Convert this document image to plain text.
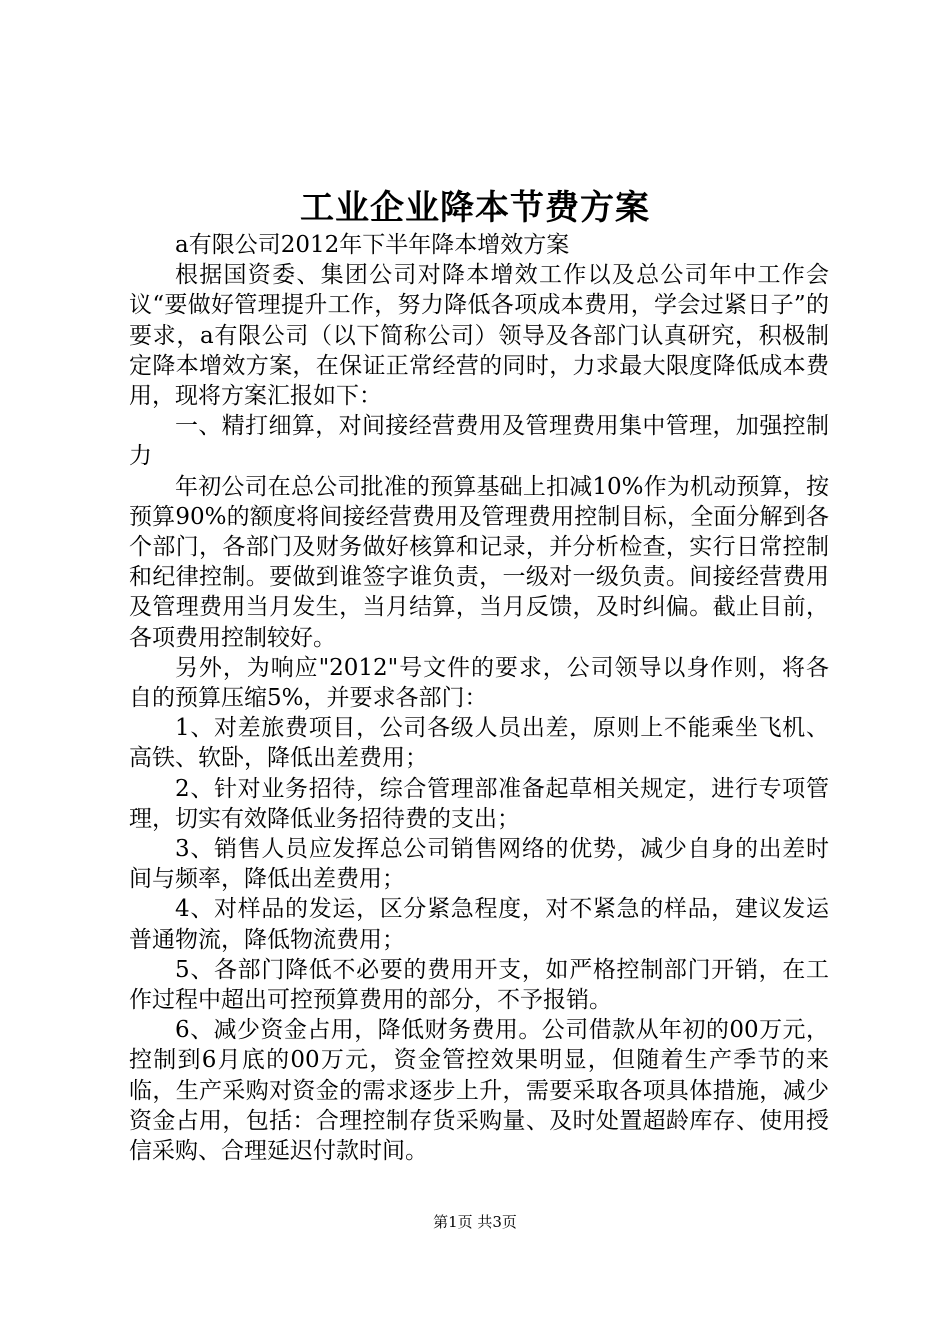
工业企业降本节费方案

a有限公司2012年下半年降本增效方案

根据国资委、集团公司对降本增效工作以及总公司年中工作会议“要做好管理提升工作，努力降低各项成本费用，学会过紧日子”的要求，a有限公司（以下简称公司）领导及各部门认真研究，积极制定降本增效方案，在保证正常经营的同时，力求最大限度降低成本费用，现将方案汇报如下：

一、精打细算，对间接经营费用及管理费用集中管理，加强控制力

年初公司在总公司批准的预算基础上扣减10%作为机动预算，按预算90%的额度将间接经营费用及管理费用控制目标，全面分解到各个部门，各部门及财务做好核算和记录，并分析检查，实行日常控制和纪律控制。要做到谁签字谁负责，一级对一级负责。间接经营费用及管理费用当月发生，当月结算，当月反馈，及时纠偏。截止目前，各项费用控制较好。

另外，为响应"2012"号文件的要求，公司领导以身作则，将各自的预算压缩5%，并要求各部门：

1、对差旅费项目，公司各级人员出差，原则上不能乘坐飞机、高铁、软卧，降低出差费用；

2、针对业务招待，综合管理部准备起草相关规定，进行专项管理，切实有效降低业务招待费的支出；

3、销售人员应发挥总公司销售网络的优势，减少自身的出差时间与频率，降低出差费用；

4、对样品的发运，区分紧急程度，对不紧急的样品，建议发运普通物流，降低物流费用；

5、各部门降低不必要的费用开支，如严格控制部门开销，在工作过程中超出可控预算费用的部分，不予报销。

6、减少资金占用，降低财务费用。公司借款从年初的00万元，控制到6月底的00万元，资金管控效果明显，但随着生产季节的来临，生产采购对资金的需求逐步上升，需要采取各项具体措施，减少资金占用，包括：合理控制存货采购量、及时处置超龄库存、使用授信采购、合理延迟付款时间。

第1页 共3页
